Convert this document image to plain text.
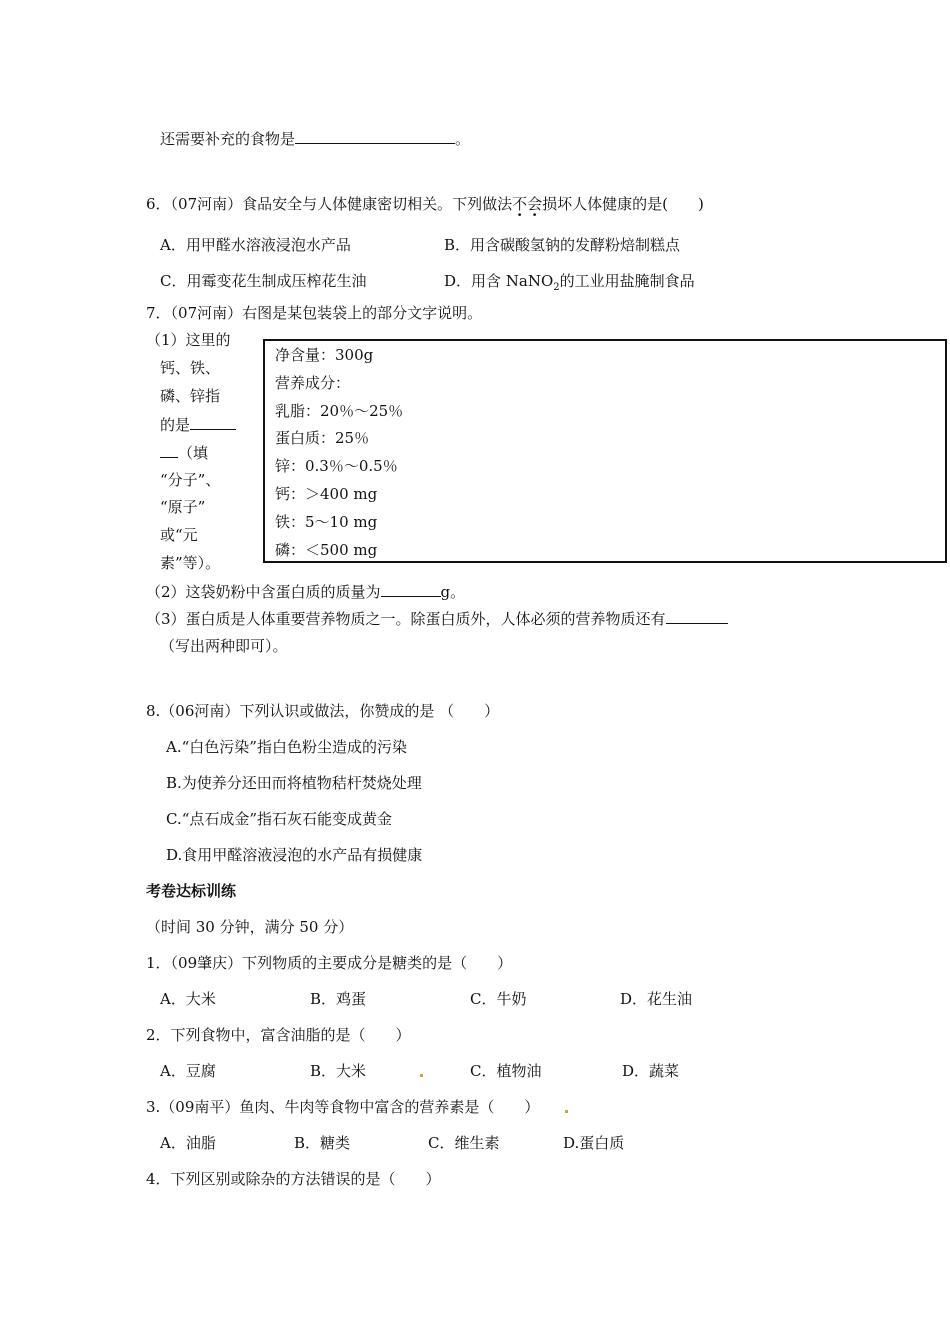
还需要补充的食物是	。
6．（07河南）食品安全与人体健康密切相关。下列做法不会损坏人体健康的是(　　)
A．用甲醛水溶液浸泡水产品	B．用含碳酸氢钠的发酵粉焙制糕点
C．用霉变花生制成压榨花生油	D．用含 NaNO$_2$的工业用盐腌制食品
7．（07河南）右图是某包装袋上的部分文字说明。
（1）这里的
钙、铁、
磷、锌指
的是
（填
“分子”、
“原子”
或“元
素”等）。
净含量：300g
营养成分：
乳脂：20％～25％
蛋白质：25％
锌：0.3％～0.5％
钙：＞400 mg
铁：5～10 mg
磷：＜500 mg
（2）这袋奶粉中含蛋白质的质量为	g。
（3）蛋白质是人体重要营养物质之一。除蛋白质外，人体必须的营养物质还有
（写出两种即可）。
8.（06河南）下列认识或做法，你赞成的是 （　　）
A.“白色污染”指白色粉尘造成的污染
B.为使养分还田而将植物秸杆焚烧处理
C.“点石成金”指石灰石能变成黄金
D.食用甲醛溶液浸泡的水产品有损健康
考卷达标训练
（时间 30 分钟，满分 50 分）
1．（09肇庆）下列物质的主要成分是糖类的是（　　）
A．大米	B．鸡蛋	C．牛奶	D．花生油
2．下列食物中，富含油脂的是（　　）
A．豆腐	B．大米	C．植物油	D．蔬菜
3.（09南平）鱼肉、牛肉等食物中富含的营养素是（　　）
A．油脂	B．糖类	C．维生素	D.蛋白质
4．下列区别或除杂的方法错误的是（　　）
